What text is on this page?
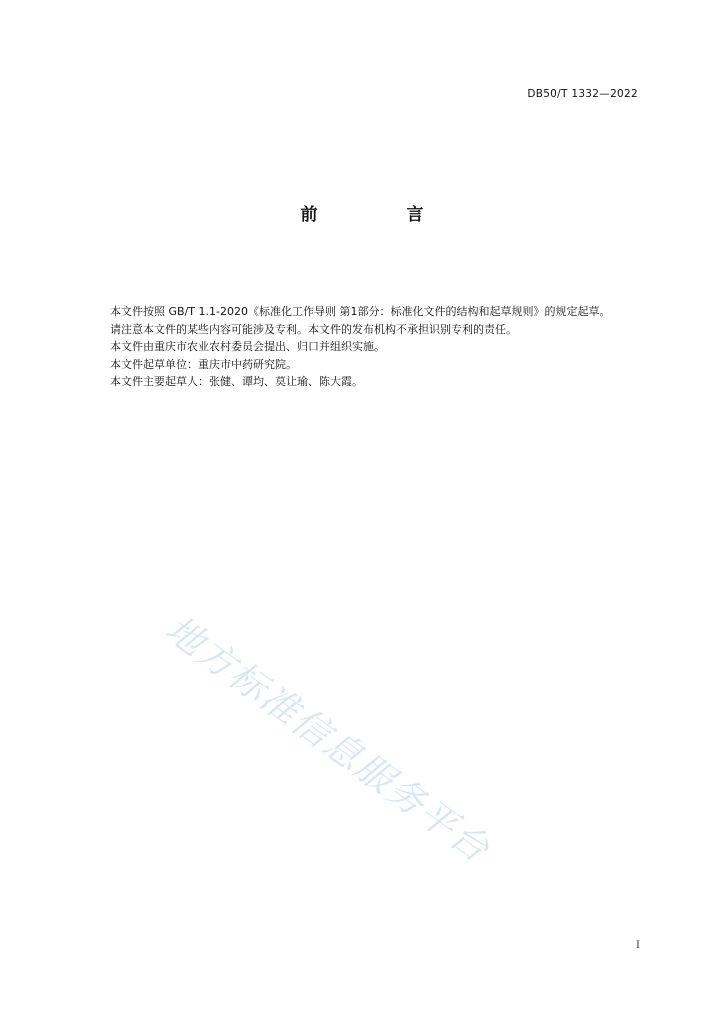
DB50/T 1332—2022
前　言

本文件按照 GB/T 1.1-2020《标准化工作导则 第1部分：标准化文件的结构和起草规则》的规定起草。

请注意本文件的某些内容可能涉及专利。本文件的发布机构不承担识别专利的责任。

本文件由重庆市农业农村委员会提出、归口并组织实施。

本文件起草单位：重庆市中药研究院。

本文件主要起草人：张健、谭均、莫让瑜、陈大霞。

地方标准信息服务平台
I
